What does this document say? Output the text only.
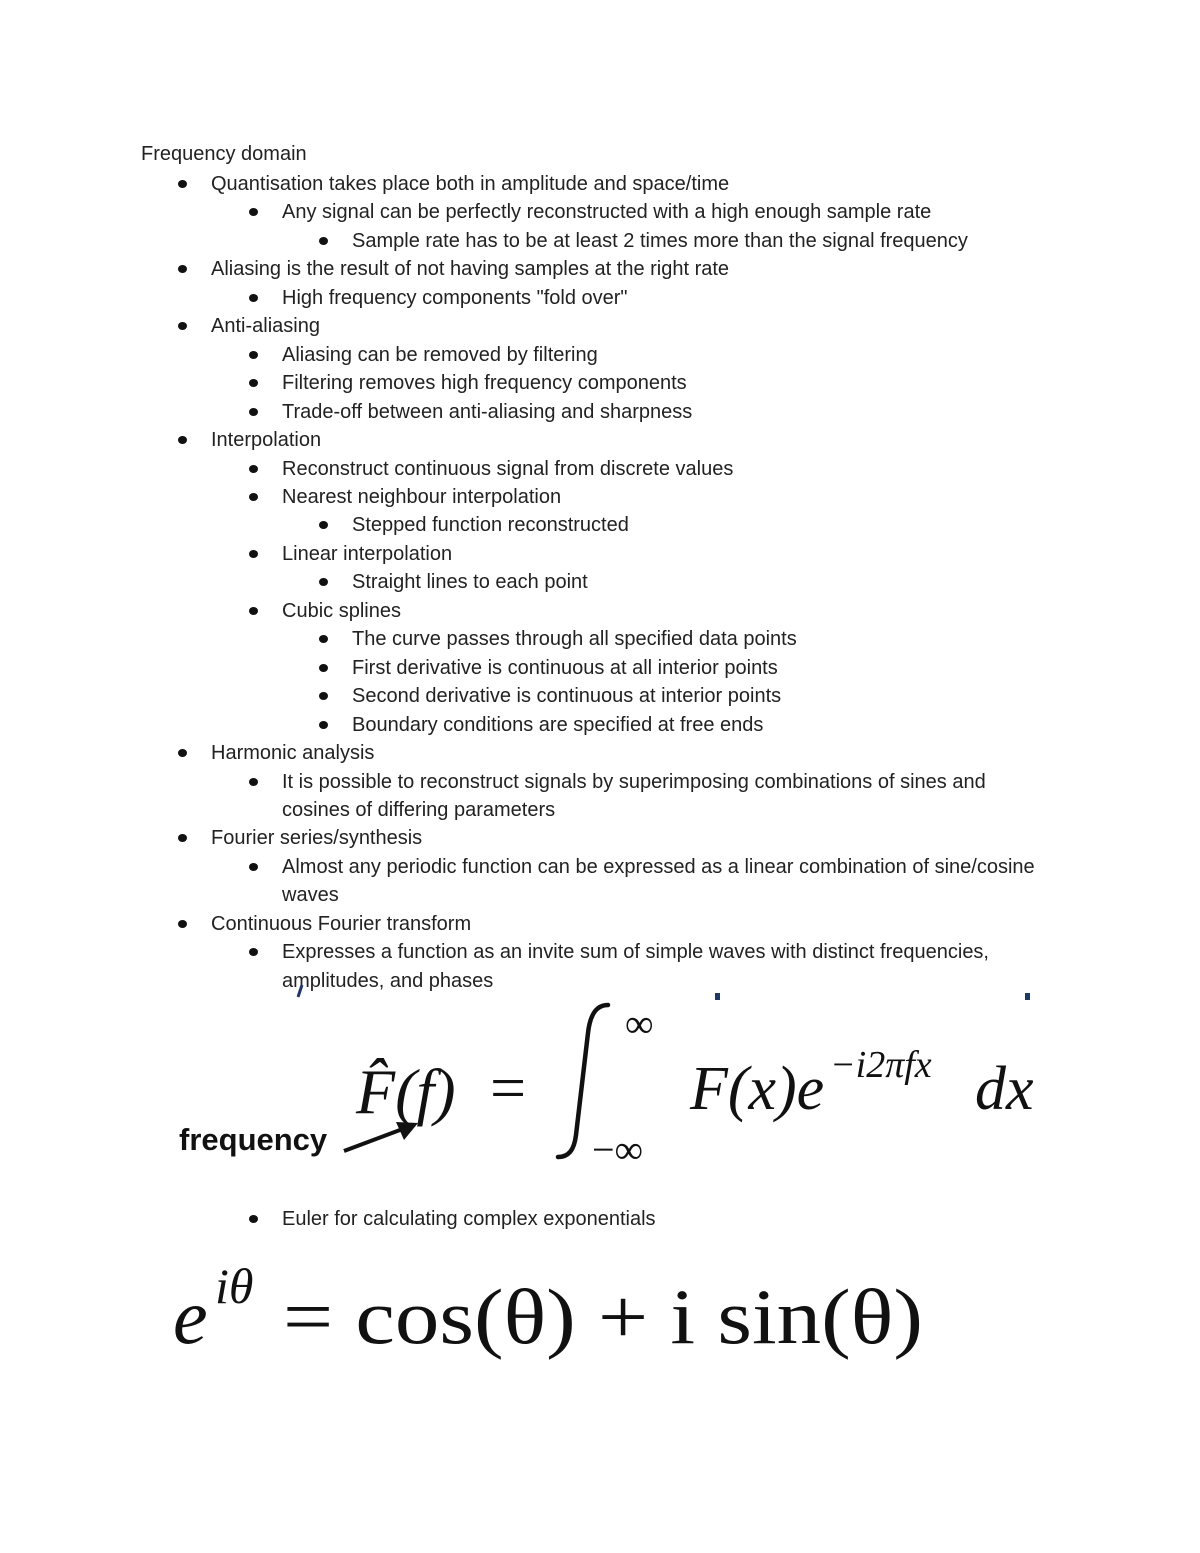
Frequency domain
Quantisation takes place both in amplitude and space/time
Any signal can be perfectly reconstructed with a high enough sample rate
Sample rate has to be at least 2 times more than the signal frequency
Aliasing is the result of not having samples at the right rate
High frequency components "fold over"
Anti-aliasing
Aliasing can be removed by filtering
Filtering removes high frequency components
Trade-off between anti-aliasing and sharpness
Interpolation
Reconstruct continuous signal from discrete values
Nearest neighbour interpolation
Stepped function reconstructed
Linear interpolation
Straight lines to each point
Cubic splines
The curve passes through all specified data points
First derivative is continuous at all interior points
Second derivative is continuous at interior points
Boundary conditions are specified at free ends
Harmonic analysis
It is possible to reconstruct signals by superimposing combinations of sines and cosines of differing parameters
Fourier series/synthesis
Almost any periodic function can be expressed as a linear combination of sine/cosine waves
Continuous Fourier transform
Expresses a function as an invite sum of simple waves with distinct frequencies, amplitudes, and phases
frequency
F̂(f) =
∞
−∞
F(x)e −i2πfx dx
Euler for calculating complex exponentials
e iθ = cos(θ) + i sin(θ)
